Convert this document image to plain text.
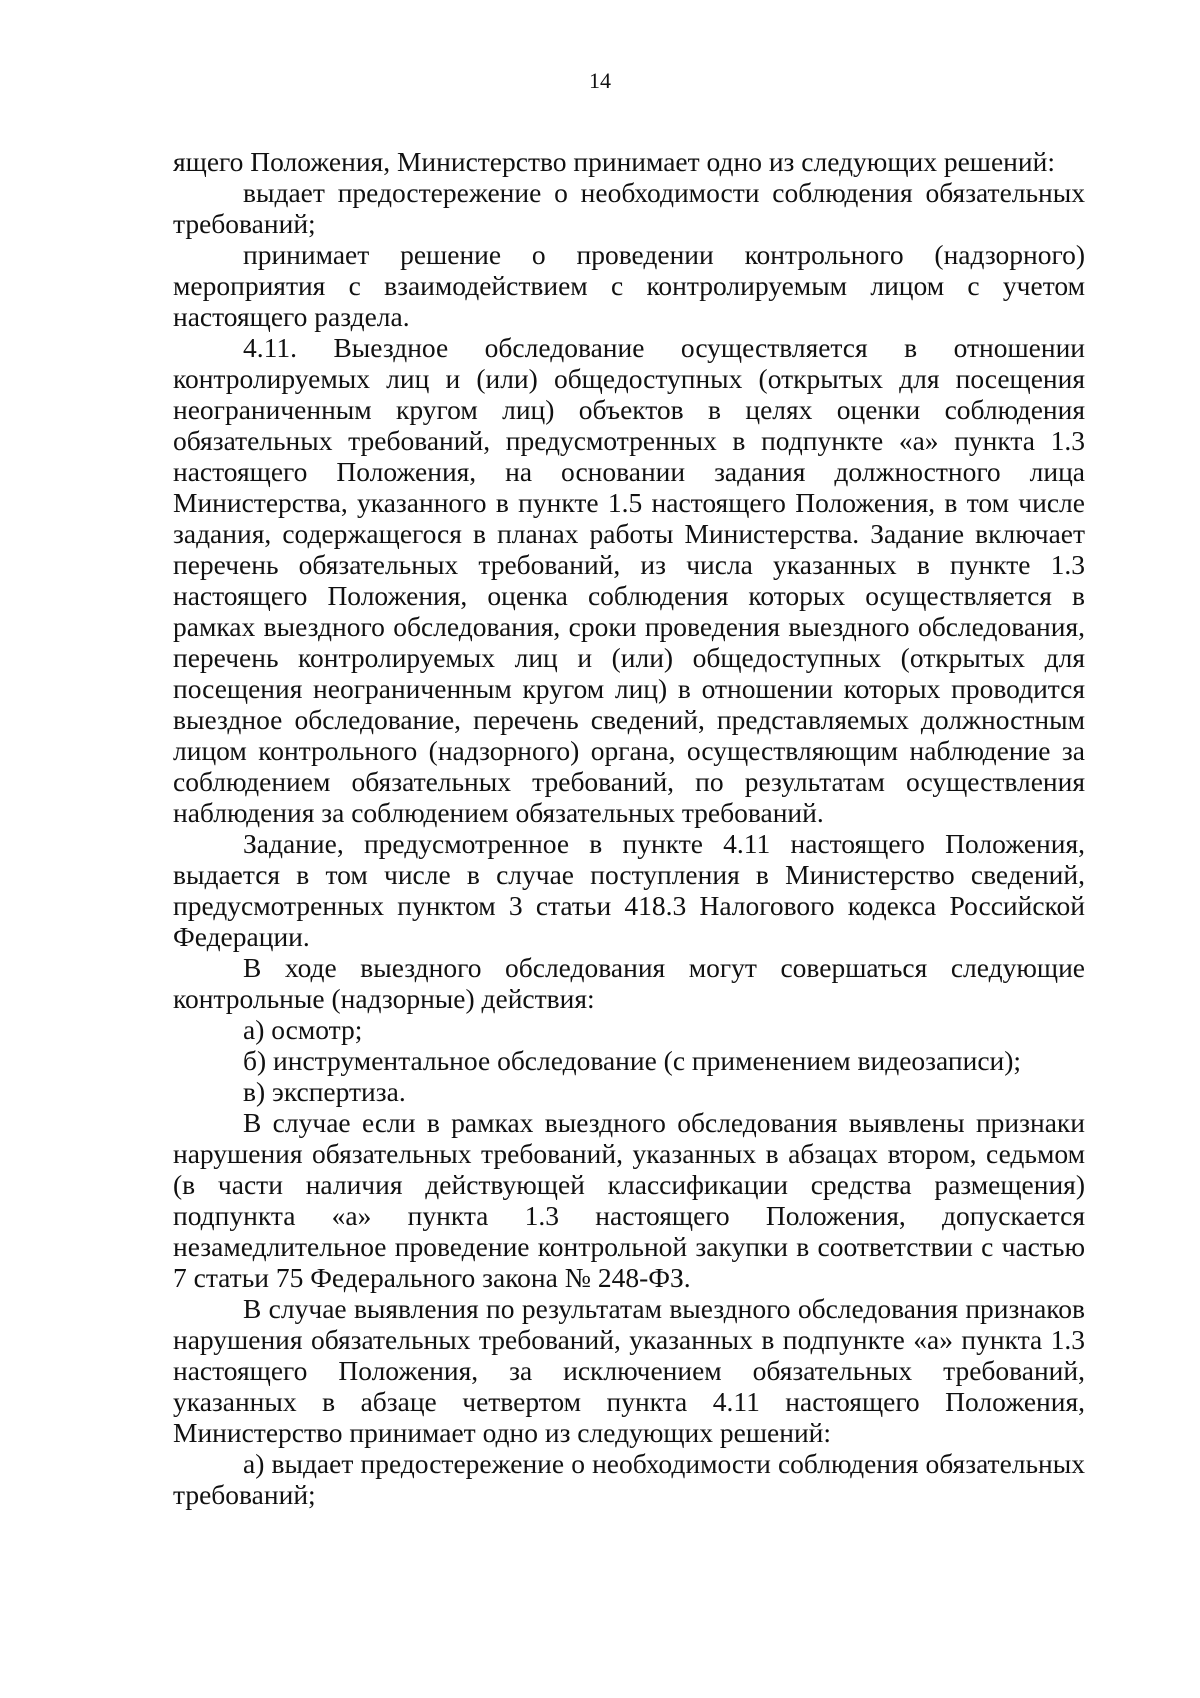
14

ящего Положения, Министерство принимает одно из следующих решений:

выдает предостережение о необходимости соблюдения обязательных требований;

принимает решение о проведении контрольного (надзорного) мероприятия с взаимодействием с контролируемым лицом с учетом настоящего раздела.

4.11. Выездное обследование осуществляется в отношении контролируемых лиц и (или) общедоступных (открытых для посещения неограниченным кругом лиц) объектов в целях оценки соблюдения обязательных требований, предусмотренных в подпункте «а» пункта 1.3 настоящего Положения, на основании задания должностного лица Министерства, указанного в пункте 1.5 настоящего Положения, в том числе задания, содержащегося в планах работы Министерства. Задание включает перечень обязательных требований, из числа указанных в пункте 1.3 настоящего Положения, оценка соблюдения которых осуществляется в рамках выездного обследования, сроки проведения выездного обследования, перечень контролируемых лиц и (или) общедоступных (открытых для посещения неограниченным кругом лиц) в отношении которых проводится выездное обследование, перечень сведений, представляемых должностным лицом контрольного (надзорного) органа, осуществляющим наблюдение за соблюдением обязательных требований, по результатам осуществления наблюдения за соблюдением обязательных требований.

Задание, предусмотренное в пункте 4.11 настоящего Положения, выдается в том числе в случае поступления в Министерство сведений, предусмотренных пунктом 3 статьи 418.3 Налогового кодекса Российской Федерации.

В ходе выездного обследования могут совершаться следующие контрольные (надзорные) действия:

а) осмотр;

б) инструментальное обследование (с применением видеозаписи);

в) экспертиза.

В случае если в рамках выездного обследования выявлены признаки нарушения обязательных требований, указанных в абзацах втором, седьмом (в части наличия действующей классификации средства размещения) подпункта «а» пункта 1.3 настоящего Положения, допускается незамедлительное проведение контрольной закупки в соответствии с частью 7 статьи 75 Федерального закона № 248-ФЗ.

В случае выявления по результатам выездного обследования признаков нарушения обязательных требований, указанных в подпункте «а» пункта 1.3 настоящего Положения, за исключением обязательных требований, указанных в абзаце четвертом пункта 4.11 настоящего Положения, Министерство принимает одно из следующих решений:

а) выдает предостережение о необходимости соблюдения обязательных требований;
